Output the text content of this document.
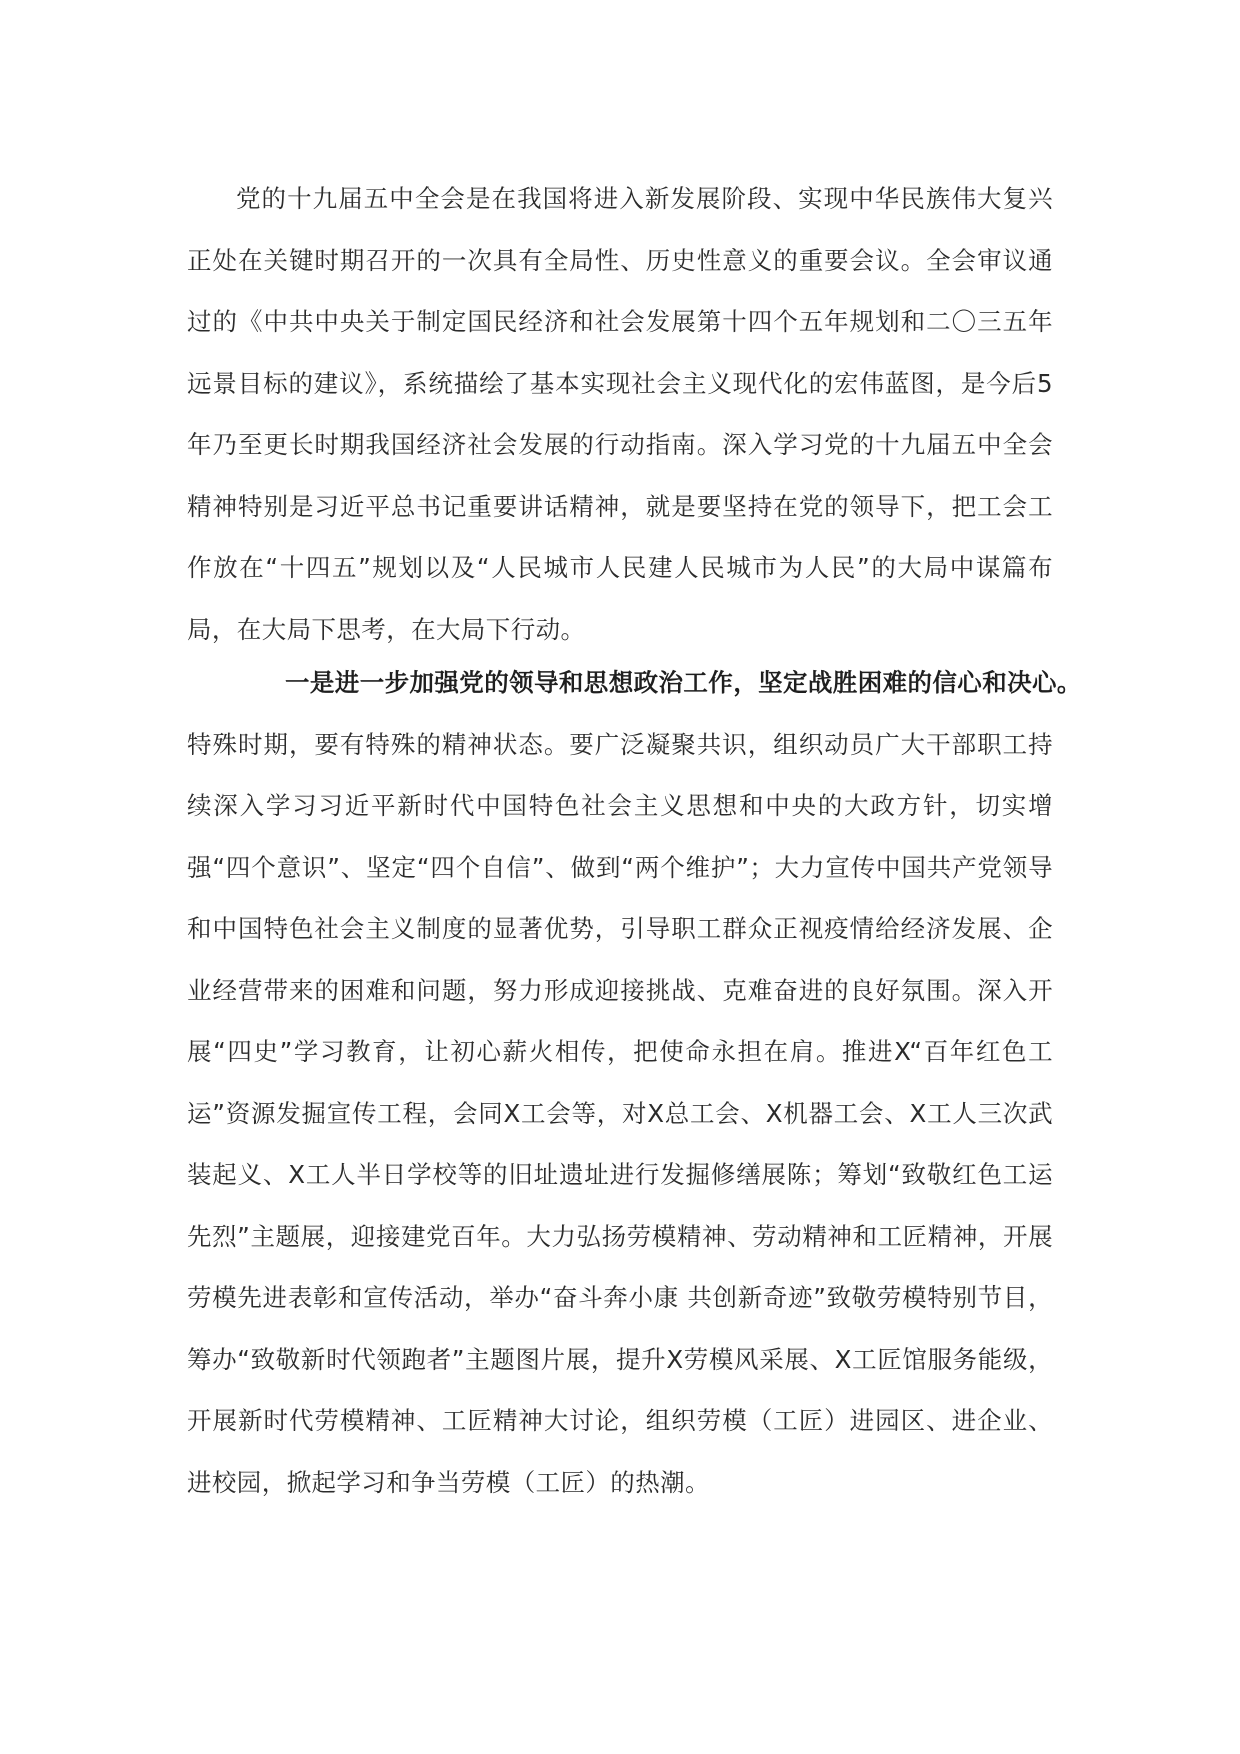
党的十九届五中全会是在我国将进入新发展阶段、实现中华民族伟大复兴正处在关键时期召开的一次具有全局性、历史性意义的重要会议。全会审议通过的《中共中央关于制定国民经济和社会发展第十四个五年规划和二〇三五年远景目标的建议》，系统描绘了基本实现社会主义现代化的宏伟蓝图，是今后5年乃至更长时期我国经济社会发展的行动指南。深入学习党的十九届五中全会精神特别是习近平总书记重要讲话精神，就是要坚持在党的领导下，把工会工作放在“十四五”规划以及“人民城市人民建人民城市为人民”的大局中谋篇布局，在大局下思考，在大局下行动。

一是进一步加强党的领导和思想政治工作，坚定战胜困难的信心和决心。特殊时期，要有特殊的精神状态。要广泛凝聚共识，组织动员广大干部职工持续深入学习习近平新时代中国特色社会主义思想和中央的大政方针，切实增强“四个意识”、坚定“四个自信”、做到“两个维护”；大力宣传中国共产党领导和中国特色社会主义制度的显著优势，引导职工群众正视疫情给经济发展、企业经营带来的困难和问题，努力形成迎接挑战、克难奋进的良好氛围。深入开展“四史”学习教育，让初心薪火相传，把使命永担在肩。推进X“百年红色工运”资源发掘宣传工程，会同X工会等，对X总工会、X机器工会、X工人三次武装起义、X工人半日学校等的旧址遗址进行发掘修缮展陈；筹划“致敬红色工运先烈”主题展，迎接建党百年。大力弘扬劳模精神、劳动精神和工匠精神，开展劳模先进表彰和宣传活动，举办“奋斗奔小康 共创新奇迹”致敬劳模特别节目，筹办“致敬新时代领跑者”主题图片展，提升X劳模风采展、X工匠馆服务能级，开展新时代劳模精神、工匠精神大讨论，组织劳模（工匠）进园区、进企业、进校园，掀起学习和争当劳模（工匠）的热潮。
